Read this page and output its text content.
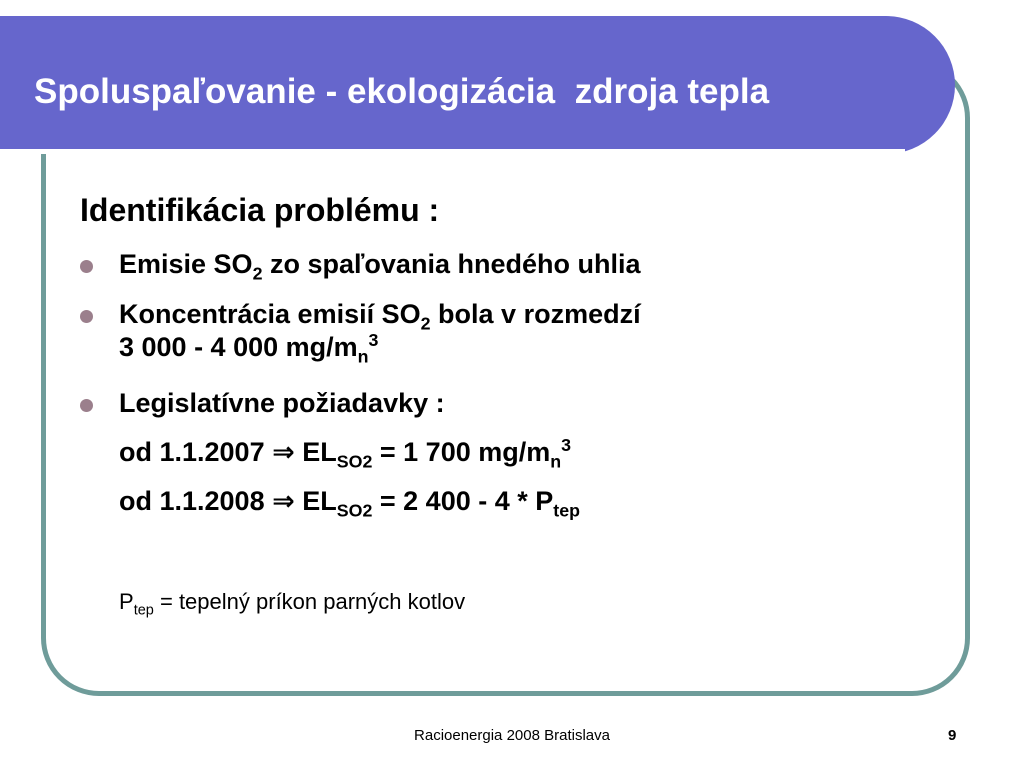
Spoluspaľovanie - ekologizácia  zdroja tepla
Identifikácia problému :
Emisie $SO_2$ zo spaľovania hnedého uhlia
Koncentrácia emisií $SO_2$ bola v rozmedzí
3 000 - 4 000 $mg/m_n^3$
Legislatívne požiadavky :
od 1.1.2007 ⇒ $EL_{SO2} = 1$ 700 $mg/m_n^3$
od 1.1.2008 ⇒ $EL_{SO2} = 2$ $400 - 4 * P_{tep}$
$P_{tep}$ = tepelný príkon parných kotlov
Racioenergia 2008 Bratislava	9
